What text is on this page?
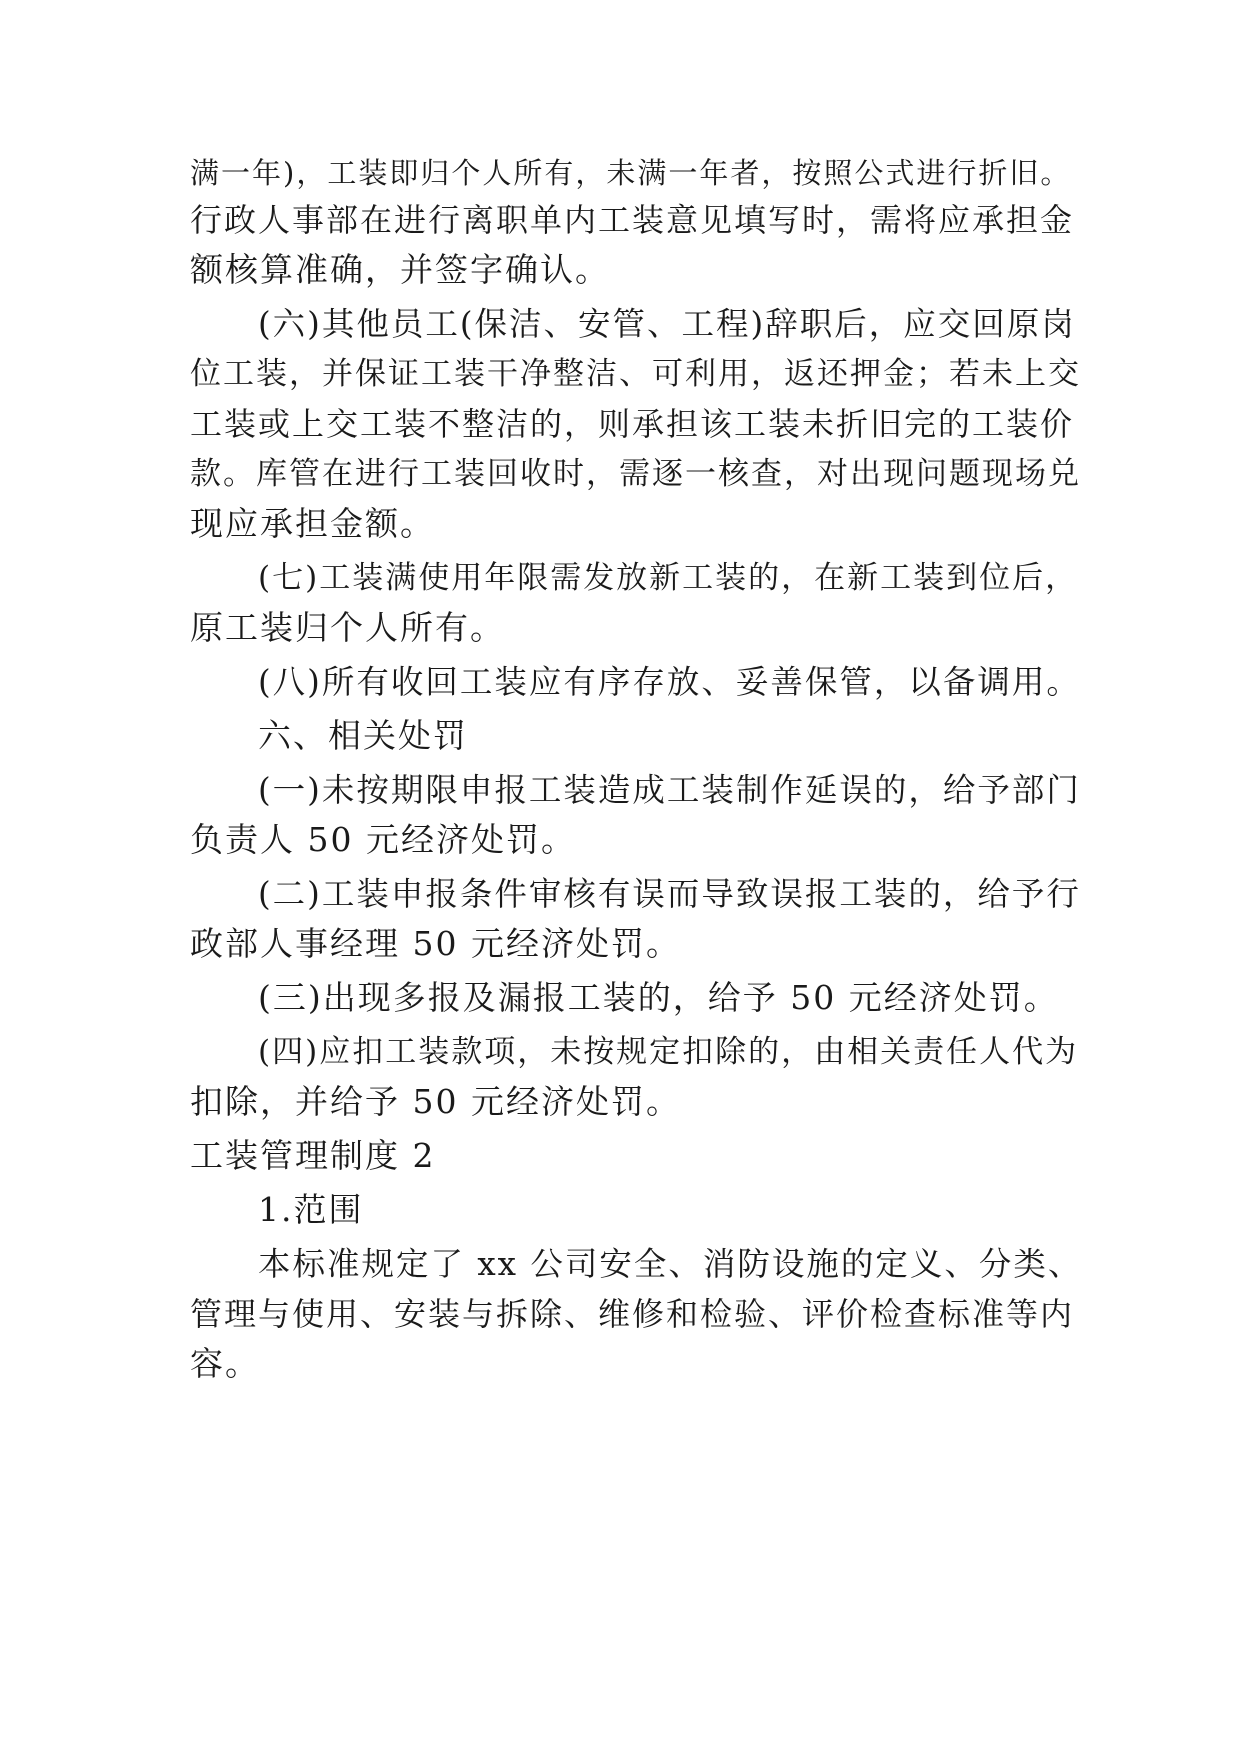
满一年)，工装即归个人所有，未满一年者，按照公式进行折旧。
行政人事部在进行离职单内工装意见填写时，需将应承担金
额核算准确，并签字确认。
(六)其他员工(保洁、安管、工程)辞职后，应交回原岗
位工装，并保证工装干净整洁、可利用，返还押金；若未上交
工装或上交工装不整洁的，则承担该工装未折旧完的工装价
款。库管在进行工装回收时，需逐一核查，对出现问题现场兑
现应承担金额。
(七)工装满使用年限需发放新工装的，在新工装到位后，
原工装归个人所有。
(八)所有收回工装应有序存放、妥善保管，以备调用。
六、相关处罚
(一)未按期限申报工装造成工装制作延误的，给予部门
负责人 50 元经济处罚。
(二)工装申报条件审核有误而导致误报工装的，给予行
政部人事经理 50 元经济处罚。
(三)出现多报及漏报工装的，给予 50 元经济处罚。
(四)应扣工装款项，未按规定扣除的，由相关责任人代为
扣除，并给予 50 元经济处罚。
工装管理制度 2
1.范围
本标准规定了 xx 公司安全、消防设施的定义、分类、
管理与使用、安装与拆除、维修和检验、评价检查标准等内
容。
